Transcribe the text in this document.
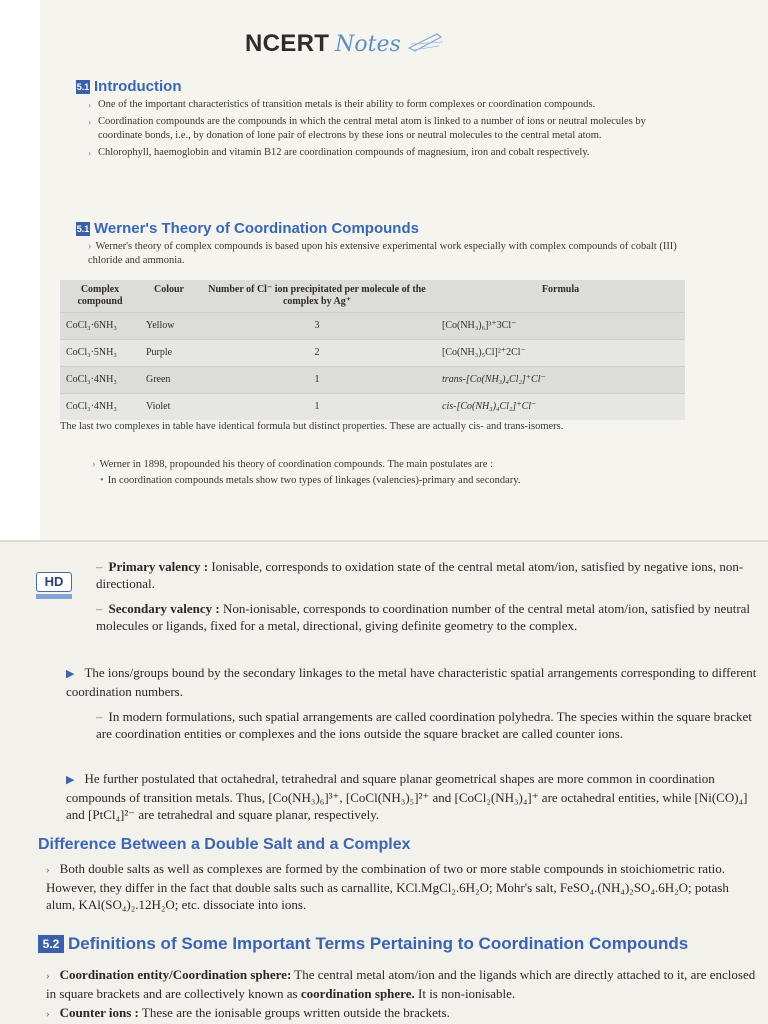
NCERT Notes
5.1 Introduction
› One of the important characteristics of transition metals is their ability to form complexes or coordination compounds.
› Coordination compounds are the compounds in which the central metal atom is linked to a number of ions or neutral molecules by coordinate bonds, i.e., by donation of lone pair of electrons by these ions or neutral molecules to the central metal atom.
› Chlorophyll, haemoglobin and vitamin B12 are coordination compounds of magnesium, iron and cobalt respectively.
5.1 Werner's Theory of Coordination Compounds
› Werner's theory of complex compounds is based upon his extensive experimental work especially with complex compounds of cobalt (III) chloride and ammonia.
Complex compound	Colour	Number of Cl⁻ ion precipitated per molecule of the complex by Ag⁺	Formula
CoCl₃·6NH₃	Yellow	3	[Co(NH₃)₆]³⁺3Cl⁻
CoCl₃·5NH₃	Purple	2	[Co(NH₃)₅Cl]²⁺2Cl⁻
CoCl₃·4NH₃	Green	1	trans-[Co(NH₃)₄Cl₂]⁺Cl⁻
CoCl₃·4NH₃	Violet	1	cis-[Co(NH₃)₄Cl₂]⁺Cl⁻
The last two complexes in table have identical formula but distinct properties. These are actually cis- and trans-isomers.
› Werner in 1898, propounded his theory of coordination compounds. The main postulates are :
• In coordination compounds metals show two types of linkages (valencies)-primary and secondary.
HD
– Primary valency : Ionisable, corresponds to oxidation state of the central metal atom/ion, satisfied by negative ions, non-directional.
– Secondary valency : Non-ionisable, corresponds to coordination number of the central metal atom/ion, satisfied by neutral molecules or ligands, fixed for a metal, directional, giving definite geometry to the complex.
▶ The ions/groups bound by the secondary linkages to the metal have characteristic spatial arrangements corresponding to different coordination numbers.
– In modern formulations, such spatial arrangements are called coordination polyhedra. The species within the square bracket are coordination entities or complexes and the ions outside the square bracket are called counter ions.
▶ He further postulated that octahedral, tetrahedral and square planar geometrical shapes are more common in coordination compounds of transition metals. Thus, [Co(NH₃)₆]³⁺, [CoCl(NH₃)₅]²⁺ and [CoCl₂(NH₃)₄]⁺ are octahedral entities, while [Ni(CO)₄] and [PtCl₄]²⁻ are tetrahedral and square planar, respectively.
Difference Between a Double Salt and a Complex
› Both double salts as well as complexes are formed by the combination of two or more stable compounds in stoichiometric ratio. However, they differ in the fact that double salts such as carnallite, KCl.MgCl₂.6H₂O; Mohr's salt, FeSO₄.(NH₄)₂SO₄.6H₂O; potash alum, KAl(SO₄)₂.12H₂O; etc. dissociate into ions.
5.2 Definitions of Some Important Terms Pertaining to Coordination Compounds
› Coordination entity/Coordination sphere: The central metal atom/ion and the ligands which are directly attached to it, are enclosed in square brackets and are collectively known as coordination sphere. It is non-ionisable.
› Counter ions : These are the ionisable groups written outside the brackets.
